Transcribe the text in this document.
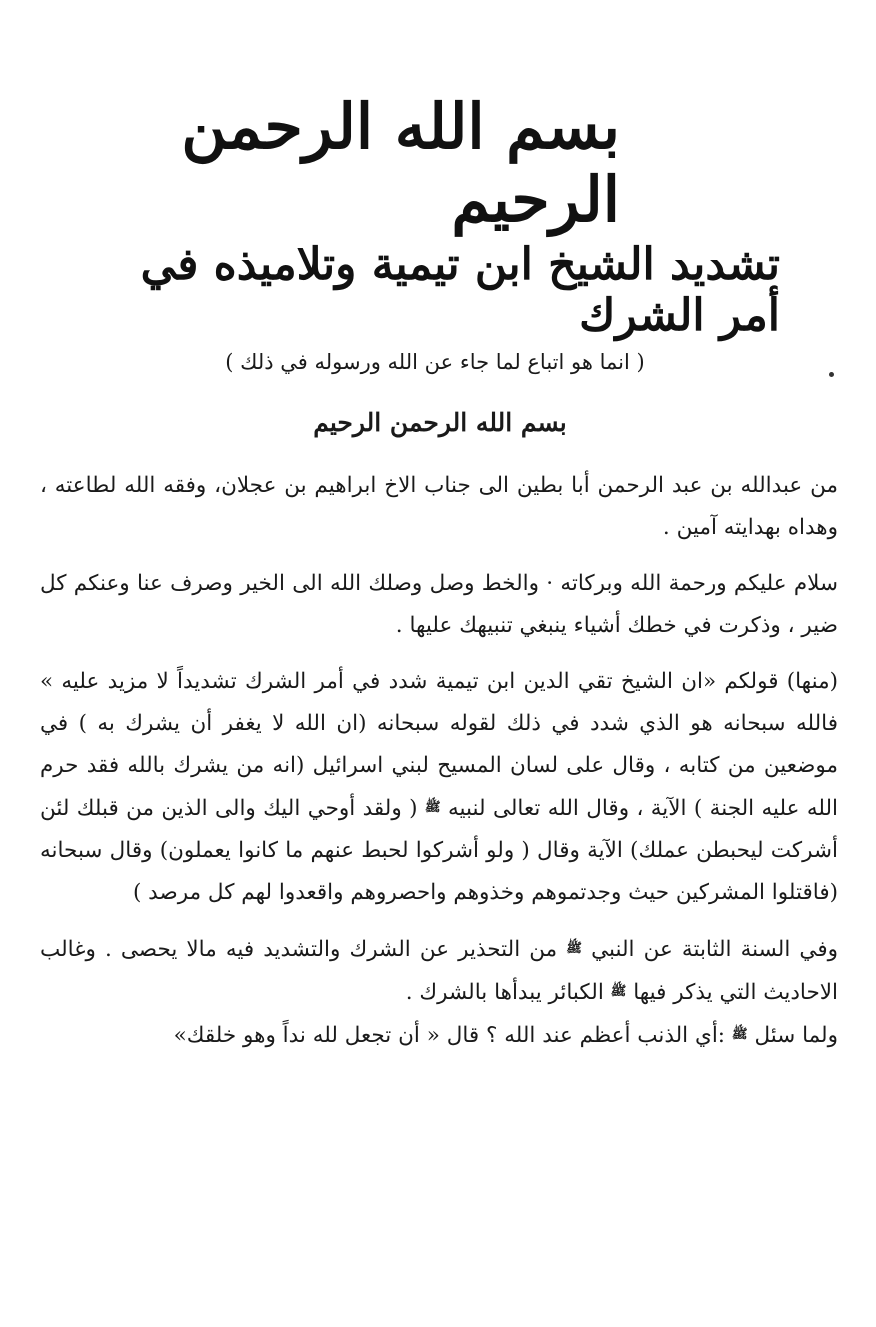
بسم الله الرحمن الرحيم
تشديد الشيخ ابن تيمية وتلاميذه في أمر الشرك
( انما هو اتباع لما جاء عن الله ورسوله في ذلك )
بسم الله الرحمن الرحيم

من عبدالله بن عبد الرحمن أبا بطين الى جناب الاخ ابراهيم بن عجلان، وفقه الله لطاعته ، وهداه بهدايته آمين .

سلام عليكم ورحمة الله وبركاته · والخط وصل وصلك الله الى الخير وصرف عنا وعنكم كل ضير ، وذكرت في خطك أشياء ينبغي تنبيهك عليها .

(منها) قولكم «ان الشيخ تقي الدين ابن تيمية شدد في أمر الشرك تشديداً لا مزيد عليه » فالله سبحانه هو الذي شدد في ذلك لقوله سبحانه (ان الله لا يغفر أن يشرك به ) في موضعين من كتابه ، وقال على لسان المسيح لبني اسرائيل (انه من يشرك بالله فقد حرم الله عليه الجنة ) الآية ، وقال الله تعالى لنبيه ﷺ ( ولقد أوحي اليك والى الذين من قبلك لئن أشركت ليحبطن عملك) الآية وقال ( ولو أشركوا لحبط عنهم ما كانوا يعملون) وقال سبحانه (فاقتلوا المشركين حيث وجدتموهم وخذوهم واحصروهم واقعدوا لهم كل مرصد )

وفي السنة الثابتة عن النبي ﷺ من التحذير عن الشرك والتشديد فيه مالا يحصى . وغالب الاحاديث التي يذكر فيها ﷺ الكبائر يبدأها بالشرك .
ولما سئل ﷺ :أي الذنب أعظم عند الله ؟ قال « أن تجعل لله نداً وهو خلقك»
